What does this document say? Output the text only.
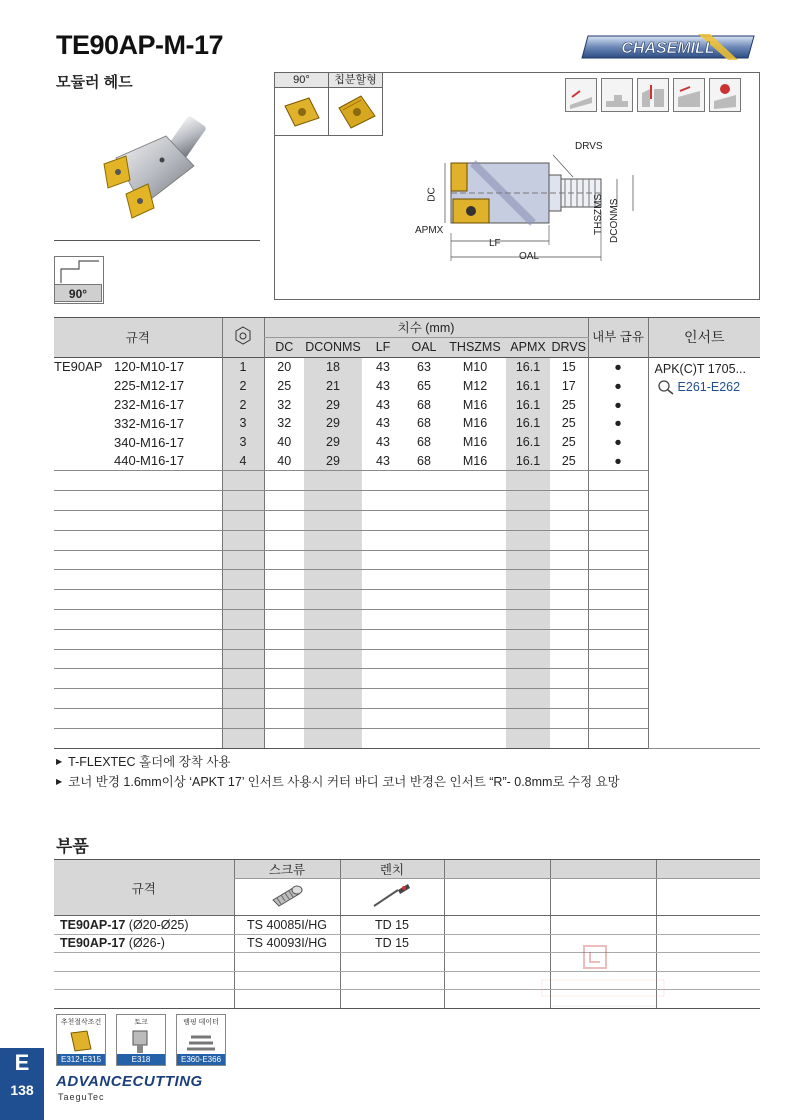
TE90AP-M-17	CHASEMILL
모듈러 헤드
90°
90°	칩분할형
DRVS
DC
APMX
LF
OAL
THSZMS DCONMS
규격		치수 (mm)							내부 급유	인서트
		DC	DCONMS	LF	OAL	THSZMS	APMX	DRVS		
TE90AP 120-M10-17	1	20	18	43	63	M10	16.1	15	●	APK(C)T 1705...
E261-E262

225-M12-17	2	25	21	43	65	M12	16.1	17	●	
232-M16-17	2	32	29	43	68	M16	16.1	25	●	
332-M16-17	3	32	29	43	68	M16	16.1	25	●	
340-M16-17	3	40	29	43	68	M16	16.1	25	●	
440-M16-17	4	40	29	43	68	M16	16.1	25	●	

▶ T-FLEXTEC 홀더에 장착 사용
▶ 코너 반경 1.6mm이상 ‘APKT 17’ 인서트 사용시 커터 바디 코너 반경은 인서트 “R”- 0.8mm로 수정 요망
부품
규격	스크류	렌치			

TE90AP-17 (Ø20-Ø25)	TS 40085I/HG	TD 15			
TE90AP-17 (Ø26-)	TS 40093I/HG	TD 15			

추천절삭조건
E312-E315
토크
E318
램핑 데이터
E360-E366
E
138	ADVANCECUTTING
TaeguTec
